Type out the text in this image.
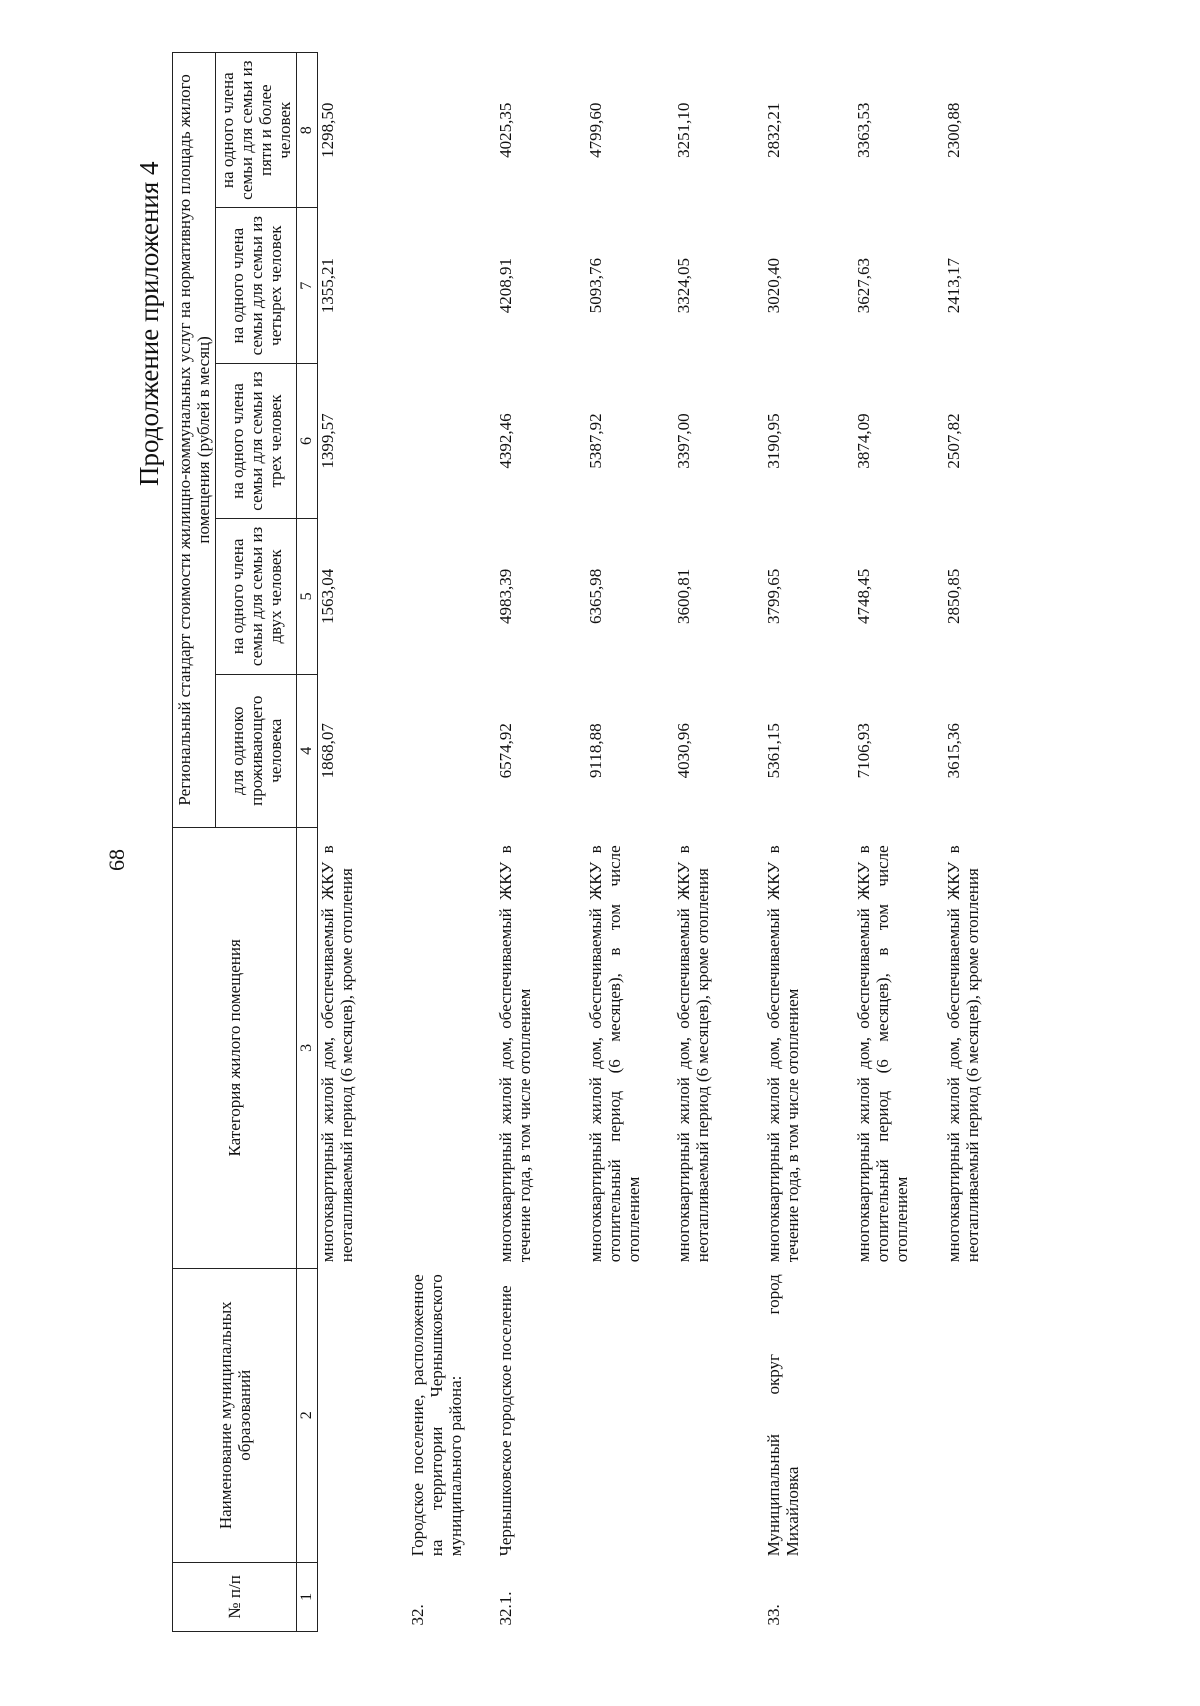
68
Продолжение приложения 4
№ п/п	Наименование муниципальных образований	Категория жилого помещения	Региональный стандарт стоимости жилищно-коммунальных услуг на нормативную площадь жилого помещения (рублей в месяц)				
			для одиноко проживающего человека	на одного члена семьи для семьи из двух человек	на одного члена семьи для семьи из трех человек	на одного члена семьи для семьи из четырех человек	на одного члена семьи для семьи из пяти и более человек
1	2	3	4	5	6	7	8
		многоквартирный жилой дом, обеспечиваемый ЖКУ в неотапливаемый период (6 месяцев), кроме отопления	1868,07	1563,04	1399,57	1355,21	1298,50
32.	Городское поселение, расположенное на территории Чернышковского муниципального района:						
32.1.	Чернышковское городское поселение	многоквартирный жилой дом, обеспечиваемый ЖКУ в течение года, в том числе отоплением	6574,92	4983,39	4392,46	4208,91	4025,35
		многоквартирный жилой дом, обеспечиваемый ЖКУ в отопительный период (6 месяцев), в том числе отоплением	9118,88	6365,98	5387,92	5093,76	4799,60
		многоквартирный жилой дом, обеспечиваемый ЖКУ в неотапливаемый период (6 месяцев), кроме отопления	4030,96	3600,81	3397,00	3324,05	3251,10
33.	Муниципальный округ город Михайловка	многоквартирный жилой дом, обеспечиваемый ЖКУ в течение года, в том числе отоплением	5361,15	3799,65	3190,95	3020,40	2832,21
		многоквартирный жилой дом, обеспечиваемый ЖКУ в отопительный период (6 месяцев), в том числе отоплением	7106,93	4748,45	3874,09	3627,63	3363,53
		многоквартирный жилой дом, обеспечиваемый ЖКУ в неотапливаемый период (6 месяцев), кроме отопления	3615,36	2850,85	2507,82	2413,17	2300,88
